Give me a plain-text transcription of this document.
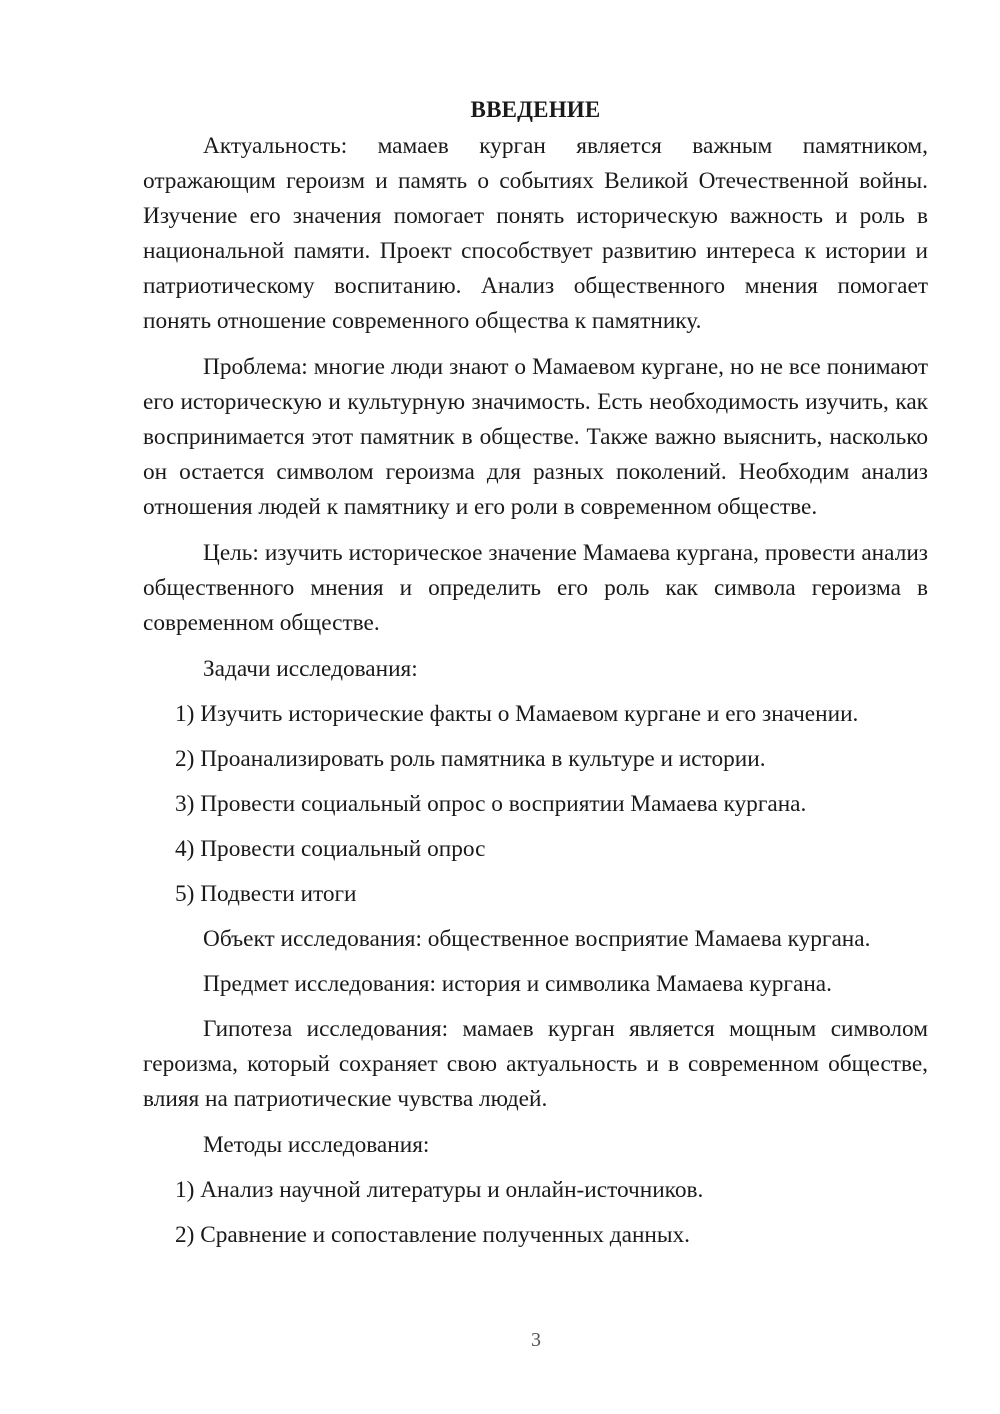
ВВЕДЕНИЕ

Актуальность: мамаев курган является важным памятником, отражающим героизм и память о событиях Великой Отечественной войны. Изучение его значения помогает понять историческую важность и роль в национальной памяти. Проект способствует развитию интереса к истории и патриотическому воспитанию. Анализ общественного мнения помогает понять отношение современного общества к памятнику.

Проблема: многие люди знают о Мамаевом кургане, но не все понимают его историческую и культурную значимость. Есть необходимость изучить, как воспринимается этот памятник в обществе. Также важно выяснить, насколько он остается символом героизма для разных поколений. Необходим анализ отношения людей к памятнику и его роли в современном обществе.

Цель: изучить историческое значение Мамаева кургана, провести анализ общественного мнения и определить его роль как символа героизма в современном обществе.

Задачи исследования:
1) Изучить исторические факты о Мамаевом кургане и его значении.
2) Проанализировать роль памятника в культуре и истории.
3) Провести социальный опрос о восприятии Мамаева кургана.
4) Провести социальный опрос
5) Подвести итоги
Объект исследования: общественное восприятие Мамаева кургана.
Предмет исследования: история и символика Мамаева кургана.

Гипотеза исследования: мамаев курган является мощным символом героизма, который сохраняет свою актуальность и в современном обществе, влияя на патриотические чувства людей.

Методы исследования:
1) Анализ научной литературы и онлайн-источников.
2) Сравнение и сопоставление полученных данных.
3
